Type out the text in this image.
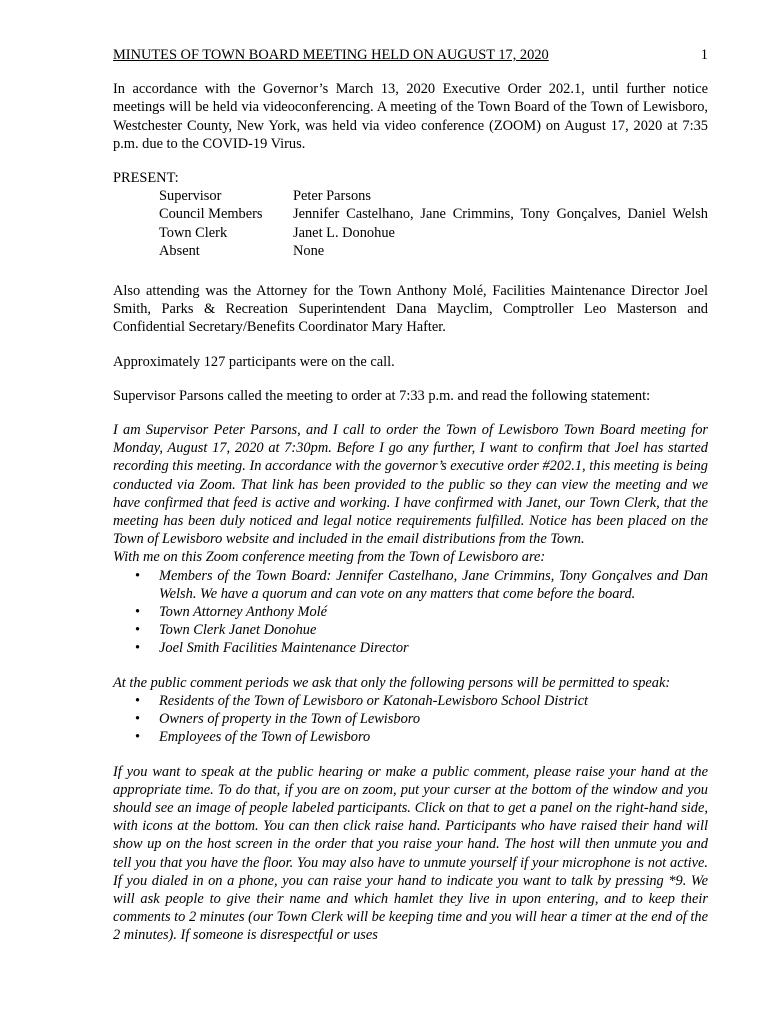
MINUTES OF TOWN BOARD MEETING HELD ON AUGUST 17, 2020	1

In accordance with the Governor’s March 13, 2020 Executive Order 202.1, until further notice meetings will be held via videoconferencing. A meeting of the Town Board of the Town of Lewisboro, Westchester County, New York, was held via video conference (ZOOM) on August 17, 2020 at 7:35 p.m. due to the COVID-19 Virus.

PRESENT:

Supervisor	Peter Parsons
Council Members	Jennifer Castelhano, Jane Crimmins, Tony Gonçalves, Daniel Welsh
Town Clerk	Janet L. Donohue
Absent	None

Also attending was the Attorney for the Town Anthony Molé, Facilities Maintenance Director Joel Smith, Parks & Recreation Superintendent Dana Mayclim, Comptroller Leo Masterson and Confidential Secretary/Benefits Coordinator Mary Hafter.

Approximately 127 participants were on the call.

Supervisor Parsons called the meeting to order at 7:33 p.m. and read the following statement:

I am Supervisor Peter Parsons, and I call to order the Town of Lewisboro Town Board meeting for Monday, August 17, 2020 at 7:30pm. Before I go any further, I want to confirm that Joel has started recording this meeting. In accordance with the governor’s executive order #202.1, this meeting is being conducted via Zoom. That link has been provided to the public so they can view the meeting and we have confirmed that feed is active and working. I have confirmed with Janet, our Town Clerk, that the meeting has been duly noticed and legal notice requirements fulfilled. Notice has been placed on the Town of Lewisboro website and included in the email distributions from the Town.

With me on this Zoom conference meeting from the Town of Lewisboro are:

• Members of the Town Board: Jennifer Castelhano, Jane Crimmins, Tony Gonçalves and Dan Welsh. We have a quorum and can vote on any matters that come before the board.
• Town Attorney Anthony Molé
• Town Clerk Janet Donohue
• Joel Smith Facilities Maintenance Director

At the public comment periods we ask that only the following persons will be permitted to speak:

• Residents of the Town of Lewisboro or Katonah-Lewisboro School District
• Owners of property in the Town of Lewisboro
• Employees of the Town of Lewisboro

If you want to speak at the public hearing or make a public comment, please raise your hand at the appropriate time. To do that, if you are on zoom, put your curser at the bottom of the window and you should see an image of people labeled participants. Click on that to get a panel on the right-hand side, with icons at the bottom. You can then click raise hand. Participants who have raised their hand will show up on the host screen in the order that you raise your hand. The host will then unmute you and tell you that you have the floor. You may also have to unmute yourself if your microphone is not active. If you dialed in on a phone, you can raise your hand to indicate you want to talk by pressing *9. We will ask people to give their name and which hamlet they live in upon entering, and to keep their comments to 2 minutes (our Town Clerk will be keeping time and you will hear a timer at the end of the 2 minutes). If someone is disrespectful or uses
